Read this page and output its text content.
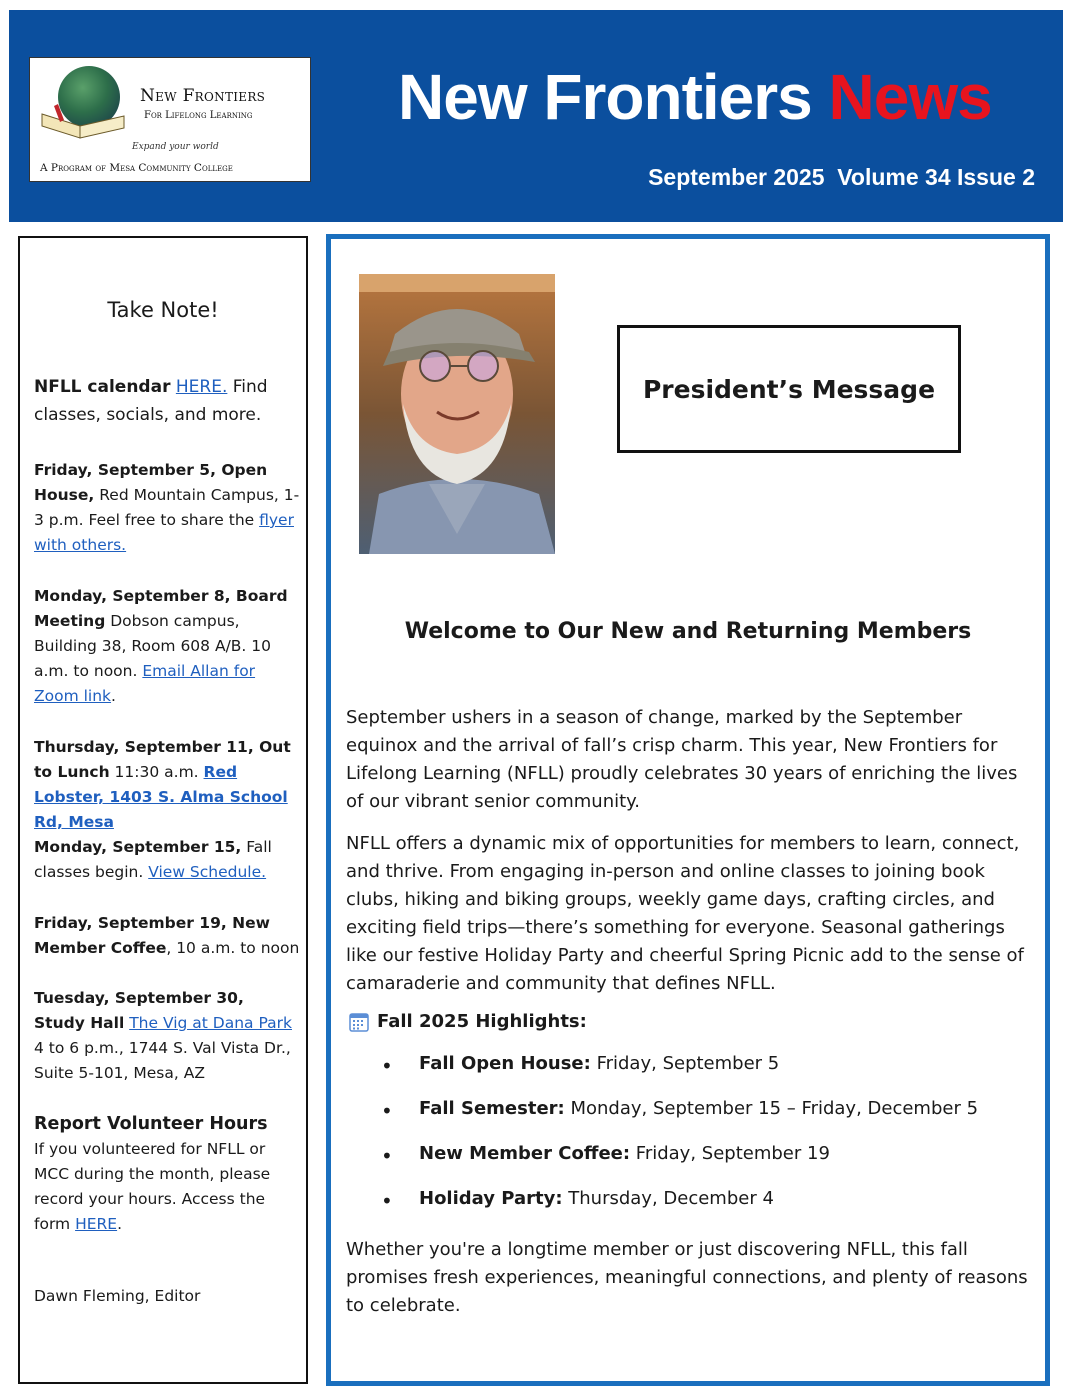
New Frontiers
For Lifelong Learning
Expand your world
A Program of Mesa Community College
New Frontiers News
September 2025  Volume 34 Issue 2
Take Note!
NFLL calendar HERE. Find classes, socials, and more.
Friday, September 5, Open House, Red Mountain Campus, 1-3 p.m. Feel free to share the flyer with others.
Monday, September 8, Board Meeting Dobson campus, Building 38, Room 608 A/B. 10 a.m. to noon. Email Allan for Zoom link.
Thursday, September 11, Out to Lunch 11:30 a.m. Red Lobster, 1403 S. Alma School Rd, Mesa
Monday, September 15, Fall classes begin. View Schedule.
Friday, September 19, New Member Coffee, 10 a.m. to noon
Tuesday, September 30, Study Hall The Vig at Dana Park 4 to 6 p.m., 1744 S. Val Vista Dr., Suite 5-101, Mesa, AZ
Report Volunteer Hours
If you volunteered for NFLL or MCC during the month, please record your hours. Access the form HERE.
Dawn Fleming, Editor
President’s Message
Welcome to Our New and Returning Members

September ushers in a season of change, marked by the September equinox and the arrival of fall’s crisp charm. This year, New Frontiers for Lifelong Learning (NFLL) proudly celebrates 30 years of enriching the lives of our vibrant senior community.

NFLL offers a dynamic mix of opportunities for members to learn, connect, and thrive. From engaging in-person and online classes to joining book clubs, hiking and biking groups, weekly game days, crafting circles, and exciting field trips—there’s something for everyone. Seasonal gatherings like our festive Holiday Party and cheerful Spring Picnic add to the sense of camaraderie and community that defines NFLL.

Fall 2025 Highlights:
•	Fall Open House: Friday, September 5
•	Fall Semester: Monday, September 15 – Friday, December 5
•	New Member Coffee: Friday, September 19
•	Holiday Party: Thursday, December 4

Whether you're a longtime member or just discovering NFLL, this fall promises fresh experiences, meaningful connections, and plenty of reasons to celebrate.
